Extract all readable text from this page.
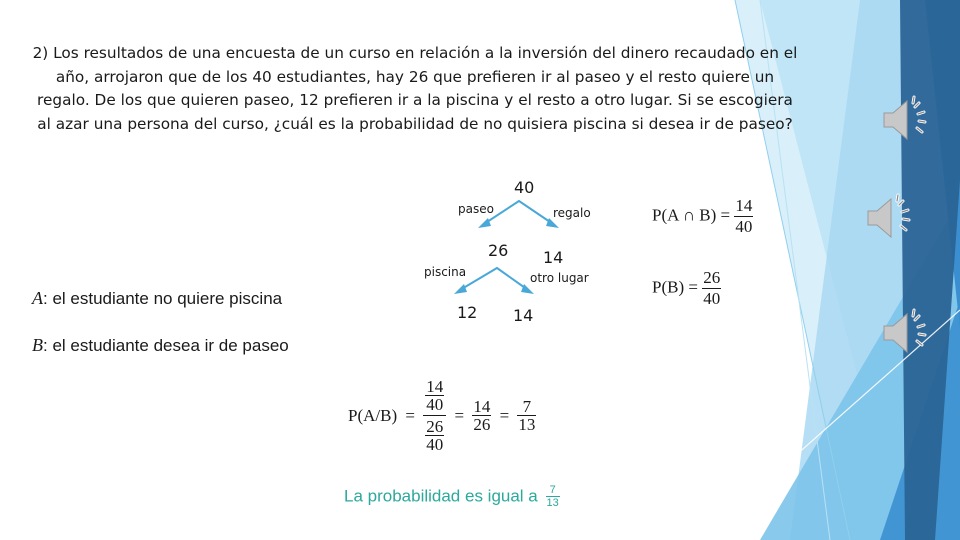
2) Los resultados de una encuesta de un curso en relación a la inversión del dinero recaudado en el año, arrojaron que de los 40 estudiantes, hay 26 que prefieren ir al paseo y el resto quiere un regalo. De los que quieren paseo, 12 prefieren ir a la piscina y el resto a otro lugar. Si se escogiera al azar una persona del curso, ¿cuál es la probabilidad de no quisiera piscina si desea ir de paseo?
40
paseo	regalo
26 14
piscina	otro lugar
12 14
A: el estudiante no quiere piscina
B: el estudiante desea ir de paseo
P(A ∩ $B) = \frac{14}{40}$
$P(B) = \frac{26}{40}$
P(A/B) = 14
40
26
$40 = \frac{14}{26} = \frac{7}{13}$
La probabilidad es igual a $\frac{7}{13}$
